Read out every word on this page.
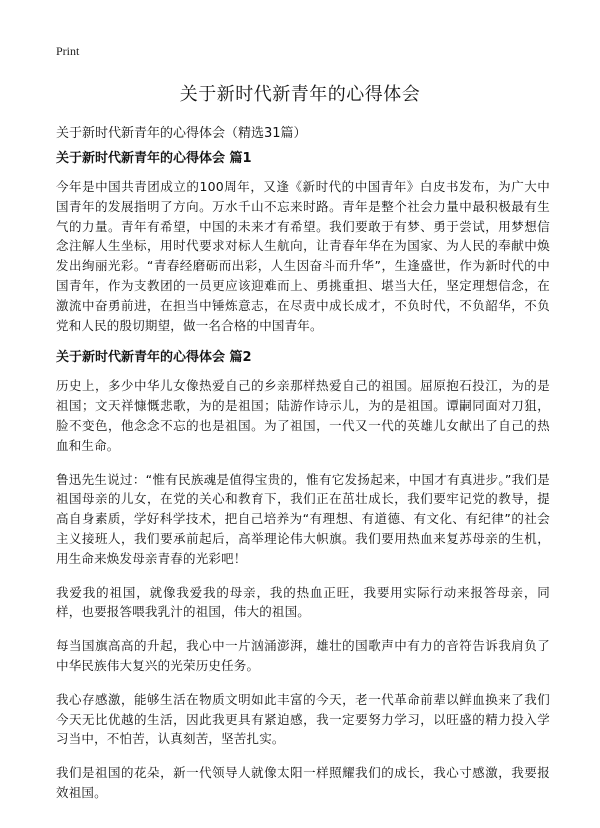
Print
关于新时代新青年的心得体会
关于新时代新青年的心得体会（精选31篇）
关于新时代新青年的心得体会 篇1

今年是中国共青团成立的100周年，又逢《新时代的中国青年》白皮书发布，为广大中国青年的发展指明了方向。万水千山不忘来时路。青年是整个社会力量中最积极最有生气的力量。青年有希望，中国的未来才有希望。我们要敢于有梦、勇于尝试，用梦想信念注解人生坐标，用时代要求对标人生航向，让青春年华在为国家、为人民的奉献中焕发出绚丽光彩。“青春经磨砺而出彩，人生因奋斗而升华”，生逢盛世，作为新时代的中国青年，作为支教团的一员更应该迎难而上、勇挑重担、堪当大任，坚定理想信念，在激流中奋勇前进，在担当中锤炼意志，在尽责中成长成才，不负时代，不负韶华，不负党和人民的殷切期望，做一名合格的中国青年。

关于新时代新青年的心得体会 篇2

历史上，多少中华儿女像热爱自己的乡亲那样热爱自己的祖国。屈原抱石投江，为的是祖国；文天祥慷慨悲歌，为的是祖国；陆游作诗示儿，为的是祖国。谭嗣同面对刀狙，脸不变色，他念念不忘的也是祖国。为了祖国，一代又一代的英雄儿女献出了自己的热血和生命。

鲁迅先生说过：“惟有民族魂是值得宝贵的，惟有它发扬起来，中国才有真进步。”我们是祖国母亲的儿女，在党的关心和教育下，我们正在茁壮成长，我们要牢记党的教导，提高自身素质，学好科学技术，把自己培养为“有理想、有道德、有文化、有纪律”的社会主义接班人，我们要承前起后，高举理论伟大帜旗。我们要用热血来复苏母亲的生机，用生命来焕发母亲青春的光彩吧！

我爱我的祖国，就像我爱我的母亲，我的热血正旺，我要用实际行动来报答母亲，同样，也要报答喂我乳汁的祖国，伟大的祖国。

每当国旗高高的升起，我心中一片汹涌澎湃，雄壮的国歌声中有力的音符告诉我肩负了中华民族伟大复兴的光荣历史任务。

我心存感激，能够生活在物质文明如此丰富的今天，老一代革命前辈以鲜血换来了我们今天无比优越的生活，因此我更具有紧迫感，我一定要努力学习，以旺盛的精力投入学习当中，不怕苦，认真刻苦，坚苦扎实。

我们是祖国的花朵，新一代领导人就像太阳一样照耀我们的成长，我心寸感激，我要报效祖国。
